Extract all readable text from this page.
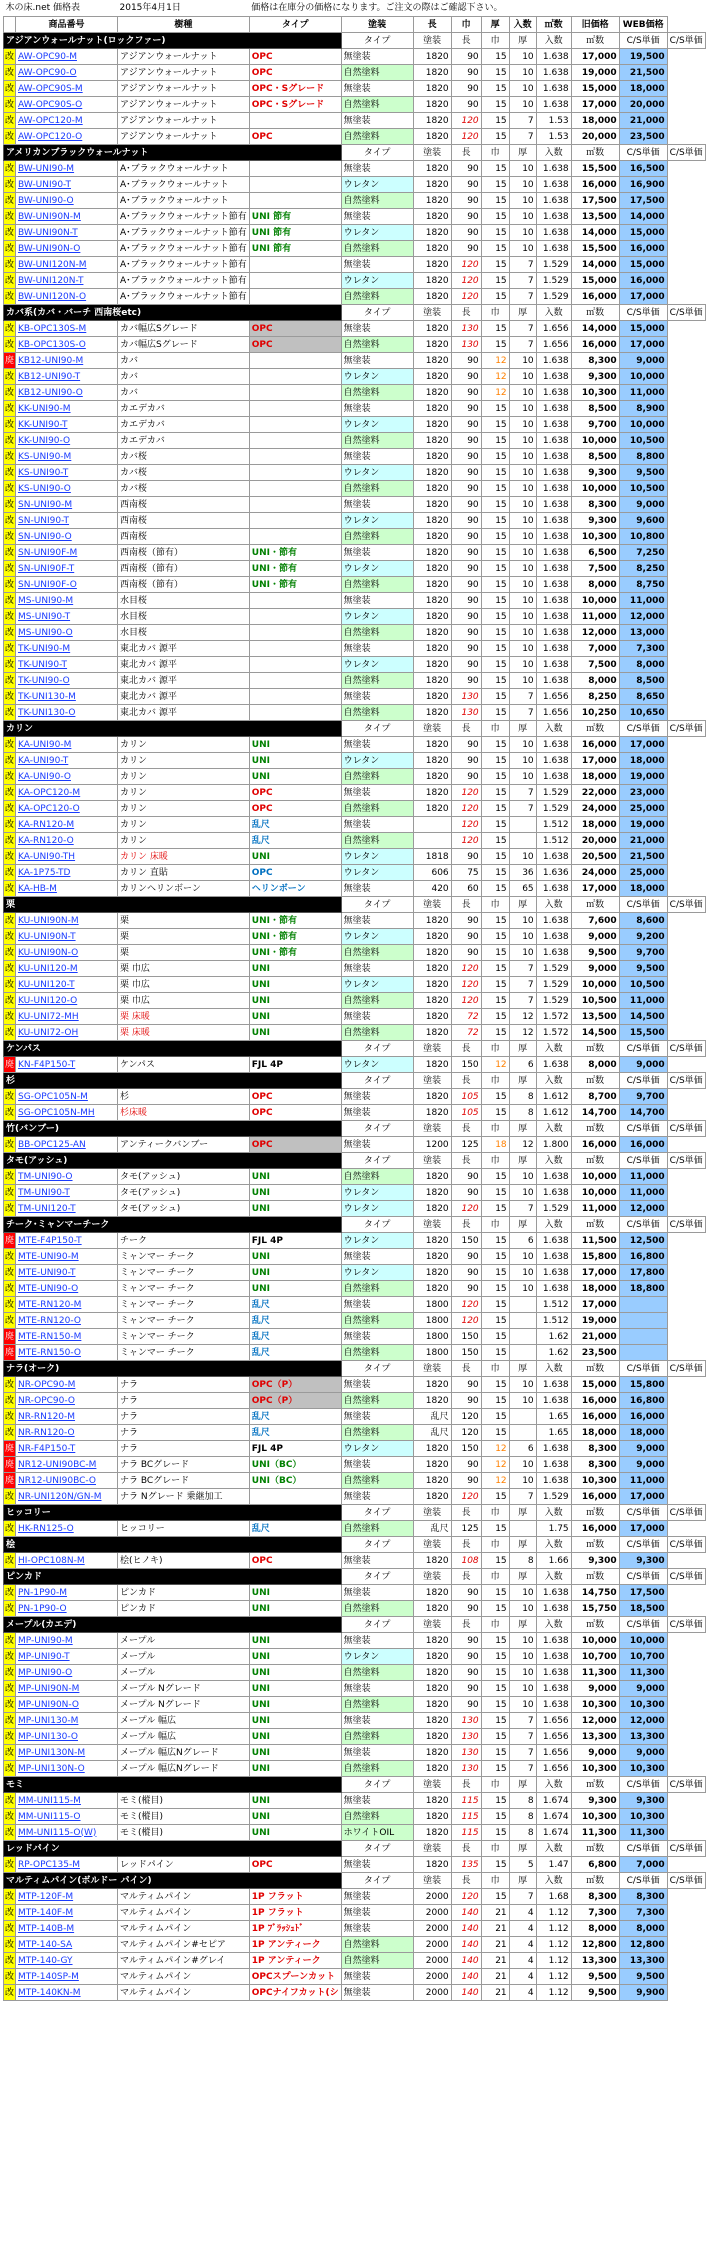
木の床.net 価格表		2015年4月1日	価格は在庫分の価格になります。ご注文の際はご確認下さい。									
	商品番号	樹種	タイプ	塗装	長	巾	厚	入数	㎡数	旧価格	WEB価格	
アジアンウォールナット(ロックファー)				タイプ	塗装	長	巾	厚	入数	㎡数	C/S単価	C/S単価
改	AW-OPC90-M	アジアンウォールナット	OPC	無塗装	1820	90	15	10	1.638	17,000	19,500	
改	AW-OPC90-O	アジアンウォールナット	OPC	自然塗料	1820	90	15	10	1.638	19,000	21,500	
改	AW-OPC90S-M	アジアンウォールナット	OPC・Sグレード	無塗装	1820	90	15	10	1.638	15,000	18,000	
改	AW-OPC90S-O	アジアンウォールナット	OPC・Sグレード	自然塗料	1820	90	15	10	1.638	17,000	20,000	
改	AW-OPC120-M	アジアンウォールナット		無塗装	1820	120	15	7	1.53	18,000	21,000	
改	AW-OPC120-O	アジアンウォールナット	OPC	自然塗料	1820	120	15	7	1.53	20,000	23,500	
アメリカンブラックウォールナット				タイプ	塗装	長	巾	厚	入数	㎡数	C/S単価	C/S単価
改	BW-UNI90-M	A･ブラックウォールナット		無塗装	1820	90	15	10	1.638	15,500	16,500	
改	BW-UNI90-T	A･ブラックウォールナット		ウレタン	1820	90	15	10	1.638	16,000	16,900	
改	BW-UNI90-O	A･ブラックウォールナット		自然塗料	1820	90	15	10	1.638	17,500	17,500	
改	BW-UNI90N-M	A･ブラックウォールナット節有	UNI 節有	無塗装	1820	90	15	10	1.638	13,500	14,000	
改	BW-UNI90N-T	A･ブラックウォールナット節有	UNI 節有	ウレタン	1820	90	15	10	1.638	14,000	15,000	
改	BW-UNI90N-O	A･ブラックウォールナット節有	UNI 節有	自然塗料	1820	90	15	10	1.638	15,500	16,000	
改	BW-UNI120N-M	A･ブラックウォールナット節有		無塗装	1820	120	15	7	1.529	14,000	15,000	
改	BW-UNI120N-T	A･ブラックウォールナット節有		ウレタン	1820	120	15	7	1.529	15,000	16,000	
改	BW-UNI120N-O	A･ブラックウォールナット節有		自然塗料	1820	120	15	7	1.529	16,000	17,000	
カバ系(カバ・バーチ 西南桜etc)				タイプ	塗装	長	巾	厚	入数	㎡数	C/S単価	C/S単価
改	KB-OPC130S-M	カバ幅広Sグレード	OPC	無塗装	1820	130	15	7	1.656	14,000	15,000	
改	KB-OPC130S-O	カバ幅広Sグレード	OPC	自然塗料	1820	130	15	7	1.656	16,000	17,000	
廃	KB12-UNI90-M	カバ		無塗装	1820	90	12	10	1.638	8,300	9,000	
改	KB12-UNI90-T	カバ		ウレタン	1820	90	12	10	1.638	9,300	10,000	
改	KB12-UNI90-O	カバ		自然塗料	1820	90	12	10	1.638	10,300	11,000	
改	KK-UNI90-M	カエデカバ		無塗装	1820	90	15	10	1.638	8,500	8,900	
改	KK-UNI90-T	カエデカバ		ウレタン	1820	90	15	10	1.638	9,700	10,000	
改	KK-UNI90-O	カエデカバ		自然塗料	1820	90	15	10	1.638	10,000	10,500	
改	KS-UNI90-M	カバ桜		無塗装	1820	90	15	10	1.638	8,500	8,800	
改	KS-UNI90-T	カバ桜		ウレタン	1820	90	15	10	1.638	9,300	9,500	
改	KS-UNI90-O	カバ桜		自然塗料	1820	90	15	10	1.638	10,000	10,500	
改	SN-UNI90-M	西南桜		無塗装	1820	90	15	10	1.638	8,300	9,000	
改	SN-UNI90-T	西南桜		ウレタン	1820	90	15	10	1.638	9,300	9,600	
改	SN-UNI90-O	西南桜		自然塗料	1820	90	15	10	1.638	10,300	10,800	
改	SN-UNI90F-M	西南桜（節有）	UNI・節有	無塗装	1820	90	15	10	1.638	6,500	7,250	
改	SN-UNI90F-T	西南桜（節有）	UNI・節有	ウレタン	1820	90	15	10	1.638	7,500	8,250	
改	SN-UNI90F-O	西南桜（節有）	UNI・節有	自然塗料	1820	90	15	10	1.638	8,000	8,750	
改	MS-UNI90-M	水目桜		無塗装	1820	90	15	10	1.638	10,000	11,000	
改	MS-UNI90-T	水目桜		ウレタン	1820	90	15	10	1.638	11,000	12,000	
改	MS-UNI90-O	水目桜		自然塗料	1820	90	15	10	1.638	12,000	13,000	
改	TK-UNI90-M	東北カバ 源平		無塗装	1820	90	15	10	1.638	7,000	7,300	
改	TK-UNI90-T	東北カバ 源平		ウレタン	1820	90	15	10	1.638	7,500	8,000	
改	TK-UNI90-O	東北カバ 源平		自然塗料	1820	90	15	10	1.638	8,000	8,500	
改	TK-UNI130-M	東北カバ 源平		無塗装	1820	130	15	7	1.656	8,250	8,650	
改	TK-UNI130-O	東北カバ 源平		自然塗料	1820	130	15	7	1.656	10,250	10,650	
カリン				タイプ	塗装	長	巾	厚	入数	㎡数	C/S単価	C/S単価
改	KA-UNI90-M	カリン	UNI	無塗装	1820	90	15	10	1.638	16,000	17,000	
改	KA-UNI90-T	カリン	UNI	ウレタン	1820	90	15	10	1.638	17,000	18,000	
改	KA-UNI90-O	カリン	UNI	自然塗料	1820	90	15	10	1.638	18,000	19,000	
改	KA-OPC120-M	カリン	OPC	無塗装	1820	120	15	7	1.529	22,000	23,000	
改	KA-OPC120-O	カリン	OPC	自然塗料	1820	120	15	7	1.529	24,000	25,000	
改	KA-RN120-M	カリン	乱尺	無塗装		120	15		1.512	18,000	19,000	
改	KA-RN120-O	カリン	乱尺	自然塗料		120	15		1.512	20,000	21,000	
改	KA-UNI90-TH	カリン 床暖	UNI	ウレタン	1818	90	15	10	1.638	20,500	21,500	
改	KA-1P75-TD	カリン 直貼	OPC	ウレタン	606	75	15	36	1.636	24,000	25,000	
改	KA-HB-M	カリンヘリンボーン	ヘリンボーン	無塗装	420	60	15	65	1.638	17,000	18,000	
栗				タイプ	塗装	長	巾	厚	入数	㎡数	C/S単価	C/S単価
改	KU-UNI90N-M	栗	UNI・節有	無塗装	1820	90	15	10	1.638	7,600	8,600	
改	KU-UNI90N-T	栗	UNI・節有	ウレタン	1820	90	15	10	1.638	9,000	9,200	
改	KU-UNI90N-O	栗	UNI・節有	自然塗料	1820	90	15	10	1.638	9,500	9,700	
改	KU-UNI120-M	栗 巾広	UNI	無塗装	1820	120	15	7	1.529	9,000	9,500	
改	KU-UNI120-T	栗 巾広	UNI	ウレタン	1820	120	15	7	1.529	10,000	10,500	
改	KU-UNI120-O	栗 巾広	UNI	自然塗料	1820	120	15	7	1.529	10,500	11,000	
改	KU-UNI72-MH	栗 床暖	UNI	無塗装	1820	72	15	12	1.572	13,500	14,500	
改	KU-UNI72-OH	栗 床暖	UNI	自然塗料	1820	72	15	12	1.572	14,500	15,500	
ケンパス				タイプ	塗装	長	巾	厚	入数	㎡数	C/S単価	C/S単価
廃	KN-F4P150-T	ケンパス	FJL 4P	ウレタン	1820	150	12	6	1.638	8,000	9,000	
杉				タイプ	塗装	長	巾	厚	入数	㎡数	C/S単価	C/S単価
改	SG-OPC105N-M	杉	OPC	無塗装	1820	105	15	8	1.612	8,700	9,700	
改	SG-OPC105N-MH	杉床暖	OPC	無塗装	1820	105	15	8	1.612	14,700	14,700	
竹(バンブー)				タイプ	塗装	長	巾	厚	入数	㎡数	C/S単価	C/S単価
改	BB-OPC125-AN	アンティークバンブー	OPC	無塗装	1200	125	18	12	1.800	16,000	16,000	
タモ(アッシュ)				タイプ	塗装	長	巾	厚	入数	㎡数	C/S単価	C/S単価
改	TM-UNI90-O	タモ(アッシュ)	UNI	自然塗料	1820	90	15	10	1.638	10,000	11,000	
改	TM-UNI90-T	タモ(アッシュ)	UNI	ウレタン	1820	90	15	10	1.638	10,000	11,000	
改	TM-UNI120-T	タモ(アッシュ)	UNI	ウレタン	1820	120	15	7	1.529	11,000	12,000	
チーク･ミャンマーチーク				タイプ	塗装	長	巾	厚	入数	㎡数	C/S単価	C/S単価
廃	MTE-F4P150-T	チーク	FJL 4P	ウレタン	1820	150	15	6	1.638	11,500	12,500	
改	MTE-UNI90-M	ミャンマー チーク	UNI	無塗装	1820	90	15	10	1.638	15,800	16,800	
改	MTE-UNI90-T	ミャンマー チーク	UNI	ウレタン	1820	90	15	10	1.638	17,000	17,800	
改	MTE-UNI90-O	ミャンマー チーク	UNI	自然塗料	1820	90	15	10	1.638	18,000	18,800	
改	MTE-RN120-M	ミャンマー チーク	乱尺	無塗装	1800	120	15		1.512	17,000		
改	MTE-RN120-O	ミャンマー チーク	乱尺	自然塗料	1800	120	15		1.512	19,000		
廃	MTE-RN150-M	ミャンマー チーク	乱尺	無塗装	1800	150	15		1.62	21,000		
廃	MTE-RN150-O	ミャンマー チーク	乱尺	自然塗料	1800	150	15		1.62	23,500		
ナラ(オーク)				タイプ	塗装	長	巾	厚	入数	㎡数	C/S単価	C/S単価
改	NR-OPC90-M	ナラ	OPC（P）	無塗装	1820	90	15	10	1.638	15,000	15,800	
改	NR-OPC90-O	ナラ	OPC（P）	自然塗料	1820	90	15	10	1.638	16,000	16,800	
改	NR-RN120-M	ナラ	乱尺	無塗装	乱尺	120	15		1.65	16,000	16,000	
改	NR-RN120-O	ナラ	乱尺	自然塗料	乱尺	120	15		1.65	18,000	18,000	
廃	NR-F4P150-T	ナラ	FJL 4P	ウレタン	1820	150	12	6	1.638	8,300	9,000	
廃	NR12-UNI90BC-M	ナラ BCグレード	UNI（BC）	無塗装	1820	90	12	10	1.638	8,300	9,000	
廃	NR12-UNI90BC-O	ナラ BCグレード	UNI（BC）	自然塗料	1820	90	12	10	1.638	10,300	11,000	
改	NR-UNI120N/GN-M	ナラ Nグレード 乗継加工		無塗装	1820	120	15	7	1.529	16,000	17,000	
ヒッコリー				タイプ	塗装	長	巾	厚	入数	㎡数	C/S単価	C/S単価
改	HK-RN125-O	ヒッコリー	乱尺	自然塗料	乱尺	125	15		1.75	16,000	17,000	
桧				タイプ	塗装	長	巾	厚	入数	㎡数	C/S単価	C/S単価
改	HI-OPC108N-M	桧(ヒノキ)	OPC	無塗装	1820	108	15	8	1.66	9,300	9,300	
ピンカド				タイプ	塗装	長	巾	厚	入数	㎡数	C/S単価	C/S単価
改	PN-1P90-M	ピンカド	UNI	無塗装	1820	90	15	10	1.638	14,750	17,500	
改	PN-1P90-O	ピンカド	UNI	自然塗料	1820	90	15	10	1.638	15,750	18,500	
メープル(カエデ)				タイプ	塗装	長	巾	厚	入数	㎡数	C/S単価	C/S単価
改	MP-UNI90-M	メープル	UNI	無塗装	1820	90	15	10	1.638	10,000	10,000	
改	MP-UNI90-T	メープル	UNI	ウレタン	1820	90	15	10	1.638	10,700	10,700	
改	MP-UNI90-O	メープル	UNI	自然塗料	1820	90	15	10	1.638	11,300	11,300	
改	MP-UNI90N-M	メープル Nグレード	UNI	無塗装	1820	90	15	10	1.638	9,000	9,000	
改	MP-UNI90N-O	メープル Nグレード	UNI	自然塗料	1820	90	15	10	1.638	10,300	10,300	
改	MP-UNI130-M	メープル 幅広	UNI	無塗装	1820	130	15	7	1.656	12,000	12,000	
改	MP-UNI130-O	メープル 幅広	UNI	自然塗料	1820	130	15	7	1.656	13,300	13,300	
改	MP-UNI130N-M	メープル 幅広Nグレード	UNI	無塗装	1820	130	15	7	1.656	9,000	9,000	
改	MP-UNI130N-O	メープル 幅広Nグレード	UNI	自然塗料	1820	130	15	7	1.656	10,300	10,300	
モミ				タイプ	塗装	長	巾	厚	入数	㎡数	C/S単価	C/S単価
改	MM-UNI115-M	モミ(樅目)	UNI	無塗装	1820	115	15	8	1.674	9,300	9,300	
改	MM-UNI115-O	モミ(樅目)	UNI	自然塗料	1820	115	15	8	1.674	10,300	10,300	
改	MM-UNI115-O(W)	モミ(樅目)	UNI	ホワイトOIL	1820	115	15	8	1.674	11,300	11,300	
レッドパイン				タイプ	塗装	長	巾	厚	入数	㎡数	C/S単価	C/S単価
改	RP-OPC135-M	レッドパイン	OPC	無塗装	1820	135	15	5	1.47	6,800	7,000	
マルティムパイン(ボルドー パイン)				タイプ	塗装	長	巾	厚	入数	㎡数	C/S単価	C/S単価
改	MTP-120F-M	マルティムパイン	1P フラット	無塗装	2000	120	15	7	1.68	8,300	8,300	
改	MTP-140F-M	マルティムパイン	1P フラット	無塗装	2000	140	21	4	1.12	7,300	7,300	
改	MTP-140B-M	マルティムパイン	1P ﾌﾞﾗｯｼｭﾄﾞ	無塗装	2000	140	21	4	1.12	8,000	8,000	
改	MTP-140-SA	マルティムパイン#セピア	1P アンティーク	自然塗料	2000	140	21	4	1.12	12,800	12,800	
改	MTP-140-GY	マルティムパイン#グレイ	1P アンティーク	自然塗料	2000	140	21	4	1.12	13,300	13,300	
改	MTP-140SP-M	マルティムパイン	OPCスプーンカット	無塗装	2000	140	21	4	1.12	9,500	9,500	
改	MTP-140KN-M	マルティムパイン	OPCナイフカット(シ	無塗装	2000	140	21	4	1.12	9,500	9,900	
